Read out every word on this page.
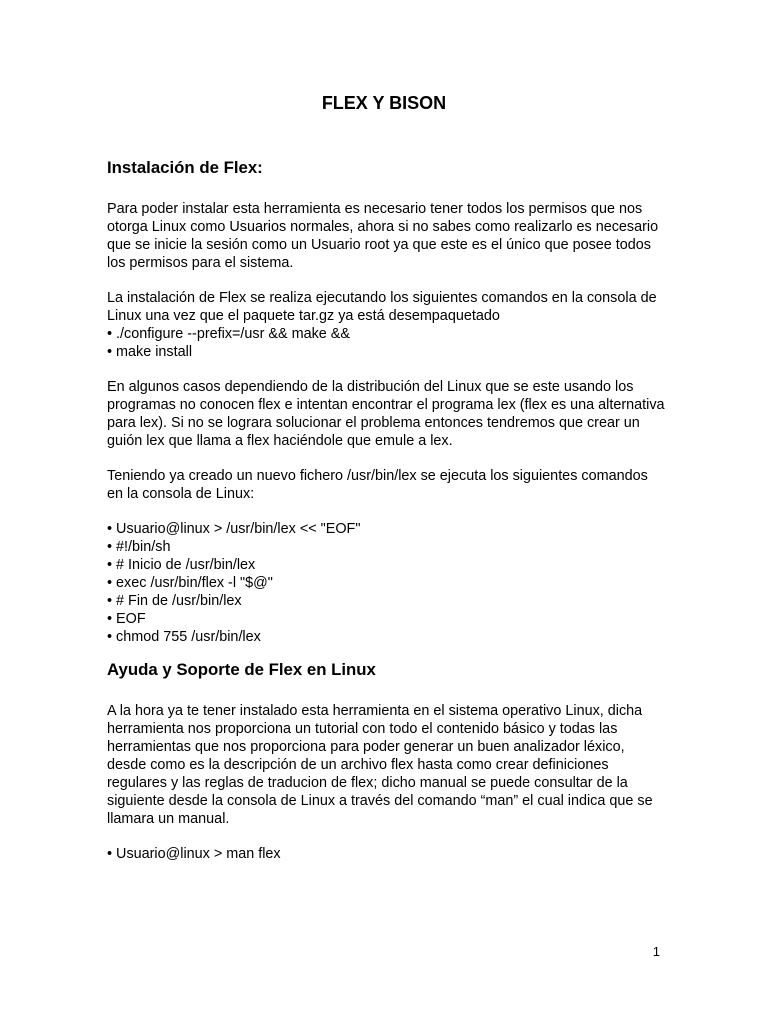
FLEX Y BISON
Instalación de Flex:

Para poder instalar esta herramienta es necesario tener todos los permisos que nos otorga Linux como Usuarios normales, ahora si no sabes como realizarlo es necesario que se inicie la sesión como un Usuario root ya que este es el único que posee todos los permisos para el sistema.

La instalación de Flex se realiza ejecutando los siguientes comandos en la consola de Linux una vez que el paquete tar.gz ya está desempaquetado

• ./configure --prefix=/usr && make &&

• make install

En algunos casos dependiendo de la distribución del Linux que se este usando los programas no conocen flex e intentan encontrar el programa lex (flex es una alternativa para lex). Si no se lograra solucionar el problema entonces tendremos que crear un guión lex que llama a flex haciéndole que emule a lex.

Teniendo ya creado un nuevo fichero /usr/bin/lex se ejecuta los siguientes comandos en la consola de Linux:

• Usuario@linux > /usr/bin/lex << "EOF"

• #!/bin/sh

• # Inicio de /usr/bin/lex

• exec /usr/bin/flex -l "$@"

• # Fin de /usr/bin/lex

• EOF

• chmod 755 /usr/bin/lex

Ayuda y Soporte de Flex en Linux

A la hora ya te tener instalado esta herramienta en el sistema operativo Linux, dicha herramienta nos proporciona un tutorial con todo el contenido básico y todas las herramientas que nos proporciona para poder generar un buen analizador léxico, desde como es la descripción de un archivo flex hasta como crear definiciones regulares y las reglas de traducion de flex; dicho manual se puede consultar de la siguiente desde la consola de Linux a través del comando “man” el cual indica que se llamara un manual.

• Usuario@linux > man flex

1
